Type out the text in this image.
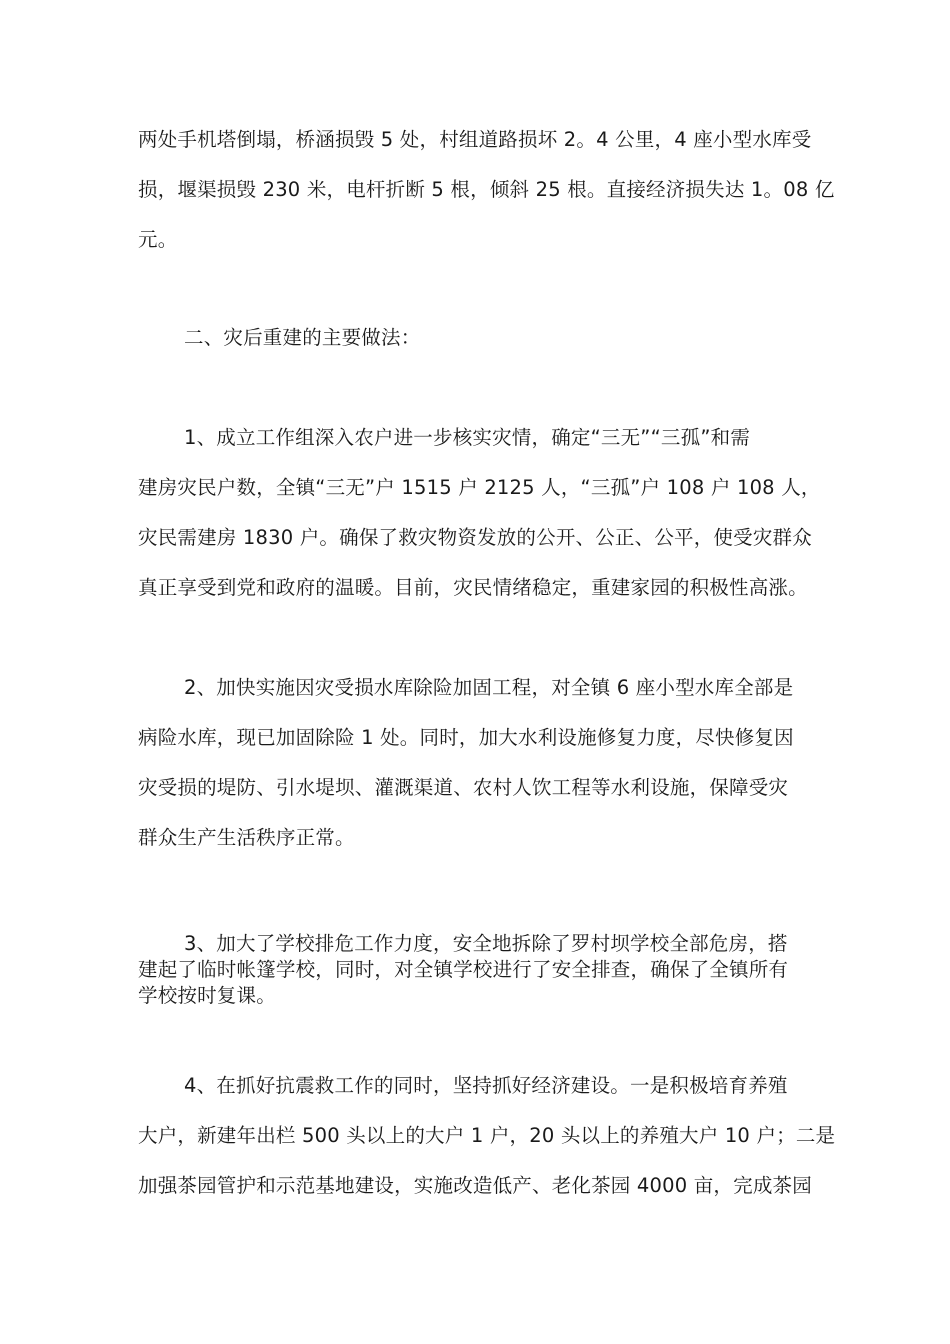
两处手机塔倒塌，桥涵损毁 5 处，村组道路损坏 2。4 公里，4 座小型水库受
损，堰渠损毁 230 米，电杆折断 5 根，倾斜 25 根。直接经济损失达 1。08 亿
元。
二、灾后重建的主要做法：
1、成立工作组深入农户进一步核实灾情，确定“三无”“三孤”和需
建房灾民户数，全镇“三无”户 1515 户 2125 人，“三孤”户 108 户 108 人，
灾民需建房 1830 户。确保了救灾物资发放的公开、公正、公平，使受灾群众
真正享受到党和政府的温暖。目前，灾民情绪稳定，重建家园的积极性高涨。
2、加快实施因灾受损水库除险加固工程，对全镇 6 座小型水库全部是
病险水库，现已加固除险 1 处。同时，加大水利设施修复力度，尽快修复因
灾受损的堤防、引水堤坝、灌溉渠道、农村人饮工程等水利设施，保障受灾
群众生产生活秩序正常。
3、加大了学校排危工作力度，安全地拆除了罗村坝学校全部危房，搭
建起了临时帐篷学校，同时，对全镇学校进行了安全排查，确保了全镇所有
学校按时复课。
4、在抓好抗震救工作的同时，坚持抓好经济建设。一是积极培育养殖
大户，新建年出栏 500 头以上的大户 1 户，20 头以上的养殖大户 10 户；二是
加强茶园管护和示范基地建设，实施改造低产、老化茶园 4000 亩，完成茶园
